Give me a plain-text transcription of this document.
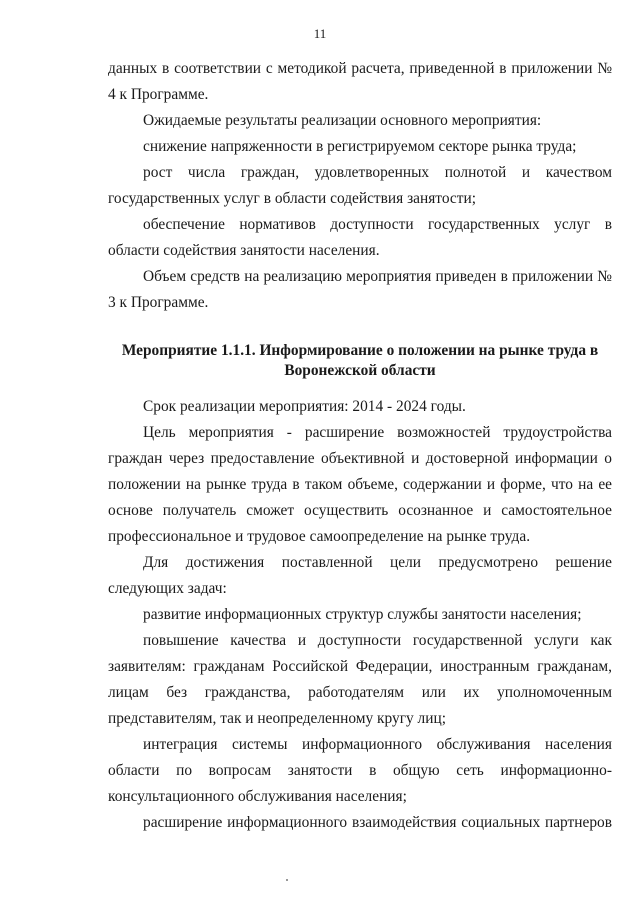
11

данных в соответствии с методикой расчета, приведенной в приложении № 4 к Программе.

Ожидаемые результаты реализации основного мероприятия:

снижение напряженности в регистрируемом секторе рынка труда;

рост числа граждан, удовлетворенных полнотой и качеством государственных услуг в области содействия занятости;

обеспечение нормативов доступности государственных услуг в области содействия занятости населения.

Объем средств на реализацию мероприятия приведен в приложении № 3 к Программе.

Мероприятие 1.1.1. Информирование о положении на рынке труда в
Воронежской области

Срок реализации мероприятия: 2014 - 2024 годы.

Цель мероприятия - расширение возможностей трудоустройства граждан через предоставление объективной и достоверной информации о положении на рынке труда в таком объеме, содержании и форме, что на ее основе получатель сможет осуществить осознанное и самостоятельное профессиональное и трудовое самоопределение на рынке труда.

Для достижения поставленной цели предусмотрено решение следующих задач:

развитие информационных структур службы занятости населения;

повышение качества и доступности государственной услуги как заявителям: гражданам Российской Федерации, иностранным гражданам, лицам без гражданства, работодателям или их уполномоченным представителям, так и неопределенному кругу лиц;

интеграция системы информационного обслуживания населения области по вопросам занятости в общую сеть информационно-консультационного обслуживания населения;

расширение информационного взаимодействия социальных партнеров
